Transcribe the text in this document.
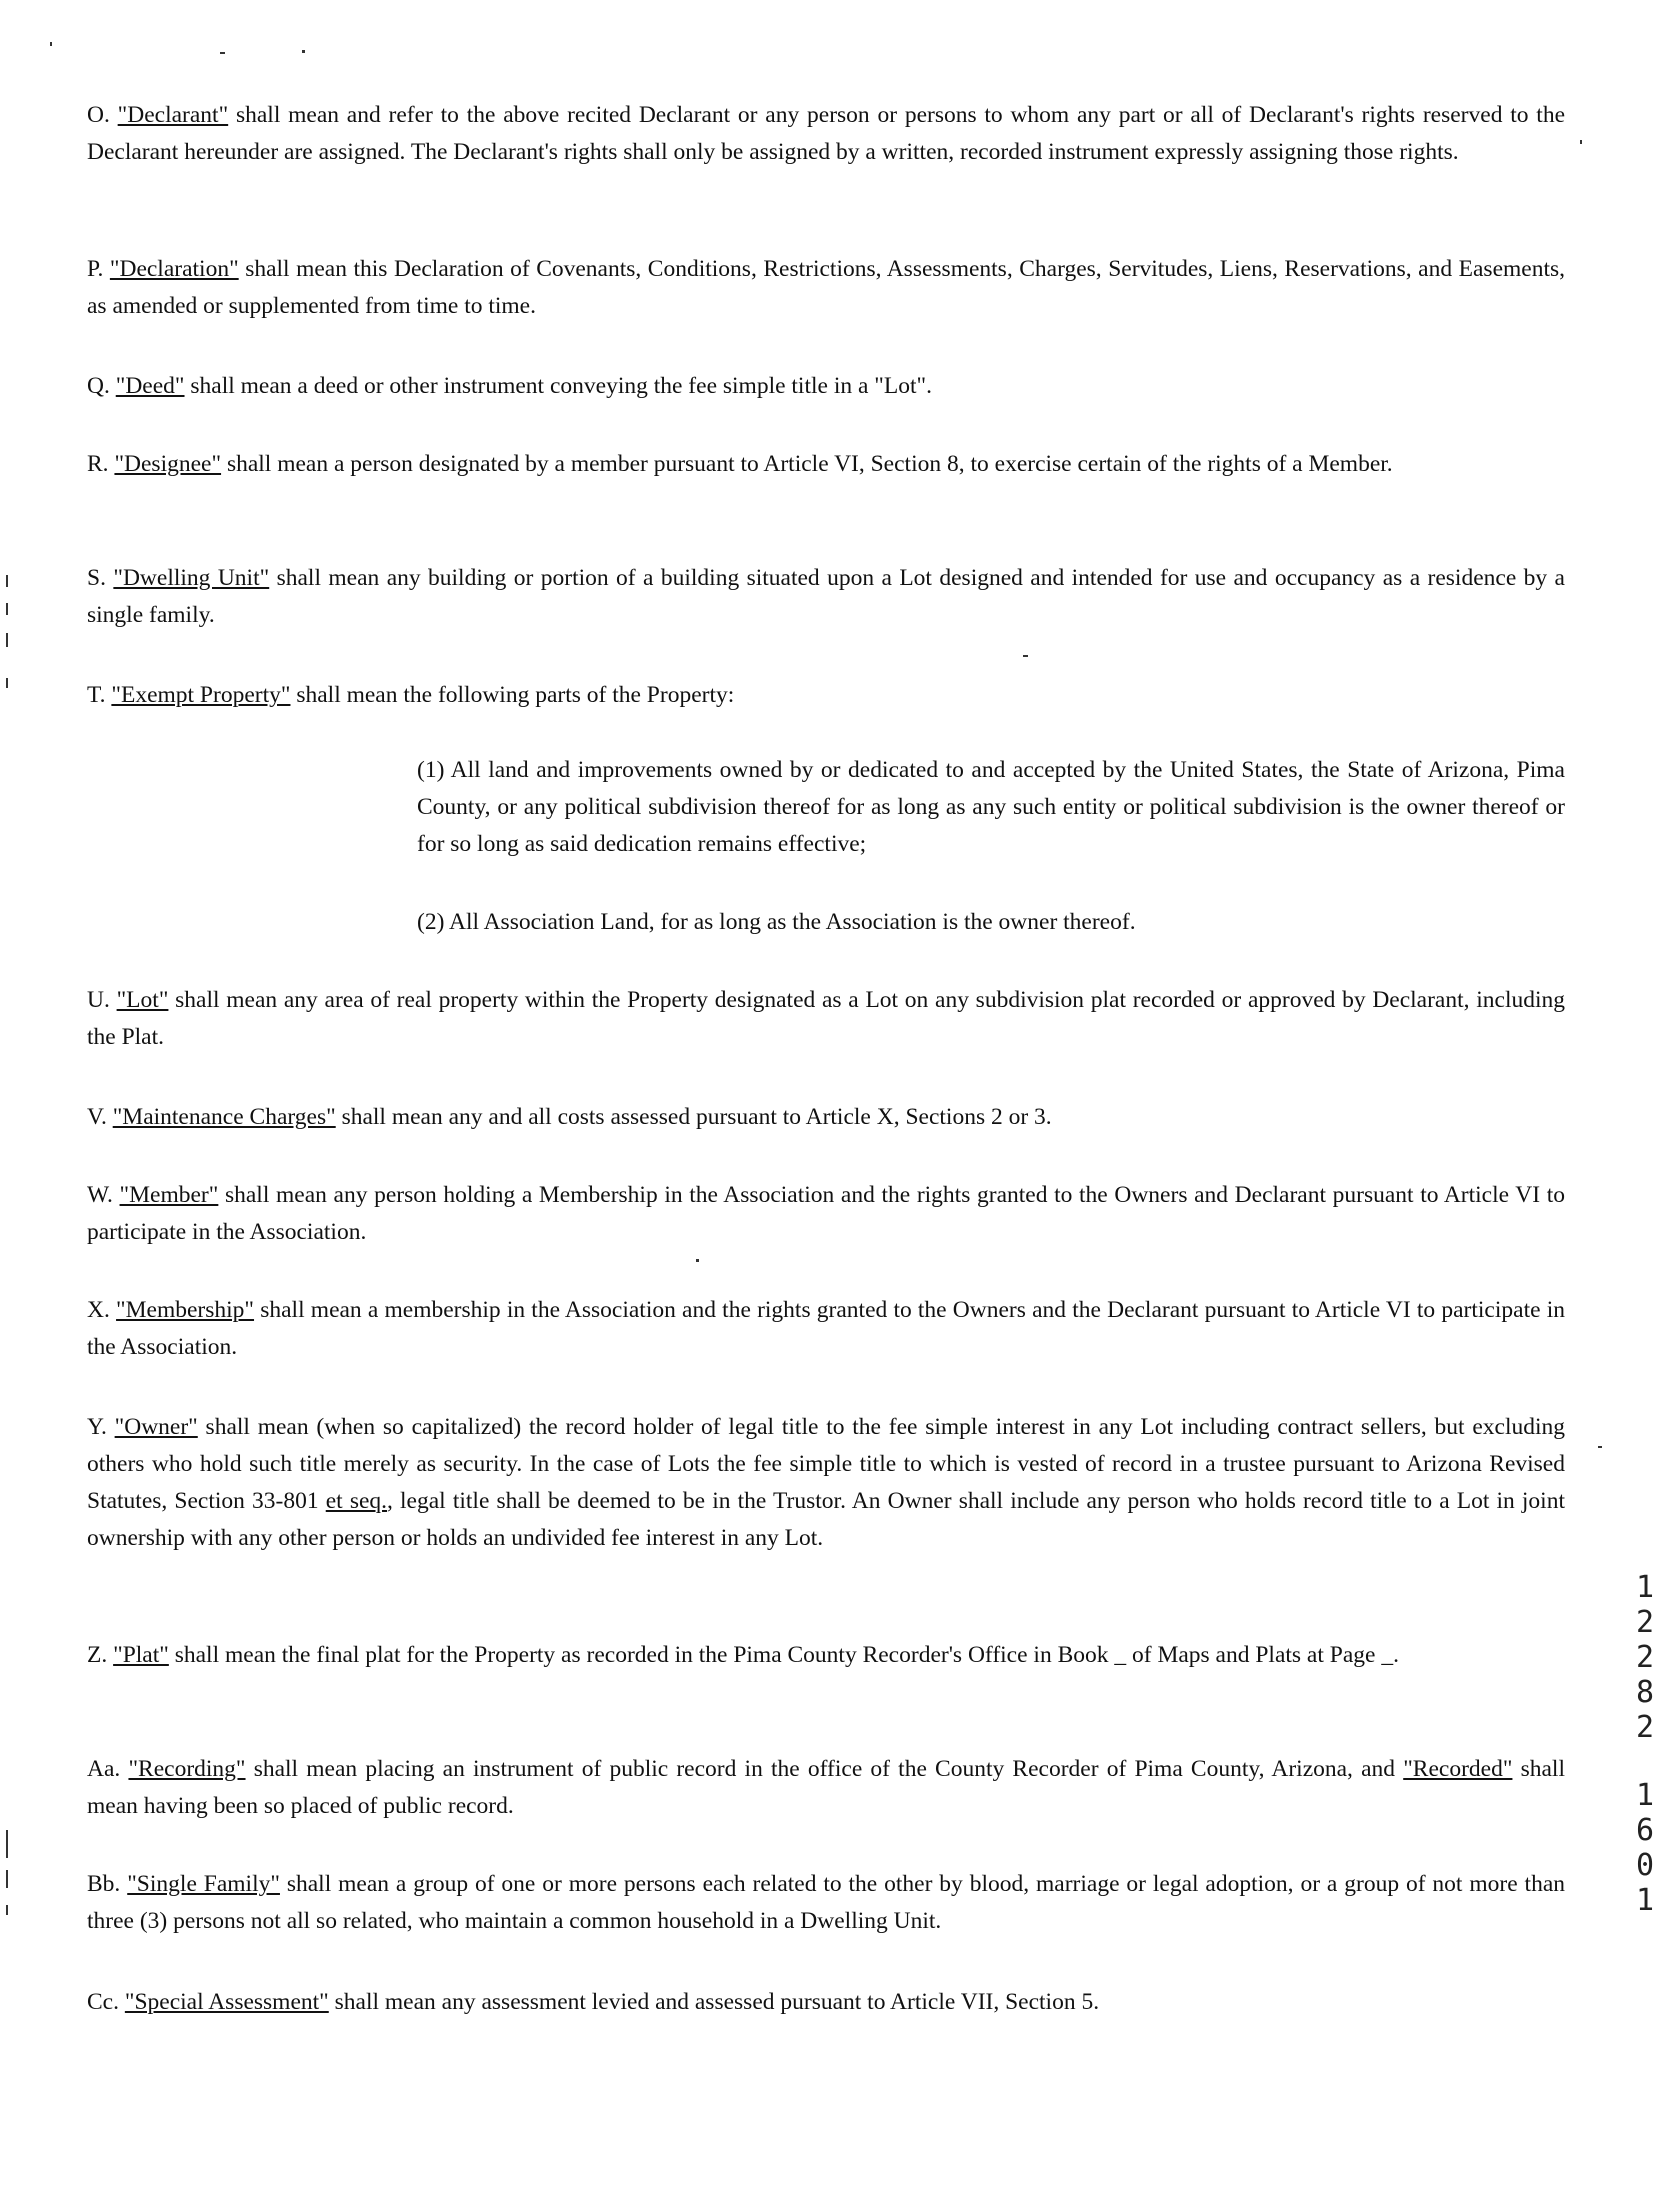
O. "Declarant" shall mean and refer to the above recited Declarant or any person or persons to whom any part or all of Declarant's rights reserved to the Declarant hereunder are assigned. The Declarant's rights shall only be assigned by a written, recorded instrument expressly assigning those rights.

P. "Declaration" shall mean this Declaration of Covenants, Conditions, Restrictions, Assessments, Charges, Servitudes, Liens, Reservations, and Easements, as amended or supplemented from time to time.

Q. "Deed" shall mean a deed or other instrument conveying the fee simple title in a "Lot".

R. "Designee" shall mean a person designated by a member pursuant to Article VI, Section 8, to exercise certain of the rights of a Member.

S. "Dwelling Unit" shall mean any building or portion of a building situated upon a Lot designed and intended for use and occupancy as a residence by a single family.

T. "Exempt Property" shall mean the following parts of the Property:

(1) All land and improvements owned by or dedicated to and accepted by the United States, the State of Arizona, Pima County, or any political subdivision thereof for as long as any such entity or political subdivision is the owner thereof or for so long as said dedication remains effective;

(2) All Association Land, for as long as the Association is the owner thereof.

U. "Lot" shall mean any area of real property within the Property designated as a Lot on any subdivision plat recorded or approved by Declarant, including the Plat.

V. "Maintenance Charges" shall mean any and all costs assessed pursuant to Article X, Sections 2 or 3.

W. "Member" shall mean any person holding a Membership in the Association and the rights granted to the Owners and Declarant pursuant to Article VI to participate in the Association.

X. "Membership" shall mean a membership in the Association and the rights granted to the Owners and the Declarant pursuant to Article VI to participate in the Association.

Y. "Owner" shall mean (when so capitalized) the record holder of legal title to the fee simple interest in any Lot including contract sellers, but excluding others who hold such title merely as security. In the case of Lots the fee simple title to which is vested of record in a trustee pursuant to Arizona Revised Statutes, Section 33-801 et seq., legal title shall be deemed to be in the Trustor. An Owner shall include any person who holds record title to a Lot in joint ownership with any other person or holds an undivided fee interest in any Lot.

Z. "Plat" shall mean the final plat for the Property as recorded in the Pima County Recorder's Office in Book _ of Maps and Plats at Page _.

Aa. "Recording" shall mean placing an instrument of public record in the office of the County Recorder of Pima County, Arizona, and "Recorded" shall mean having been so placed of public record.

Bb. "Single Family" shall mean a group of one or more persons each related to the other by blood, marriage or legal adoption, or a group of not more than three (3) persons not all so related, who maintain a common household in a Dwelling Unit.

Cc. "Special Assessment" shall mean any assessment levied and assessed pursuant to Article VII, Section 5.

1
2
2
8
2
1
6
0
1
